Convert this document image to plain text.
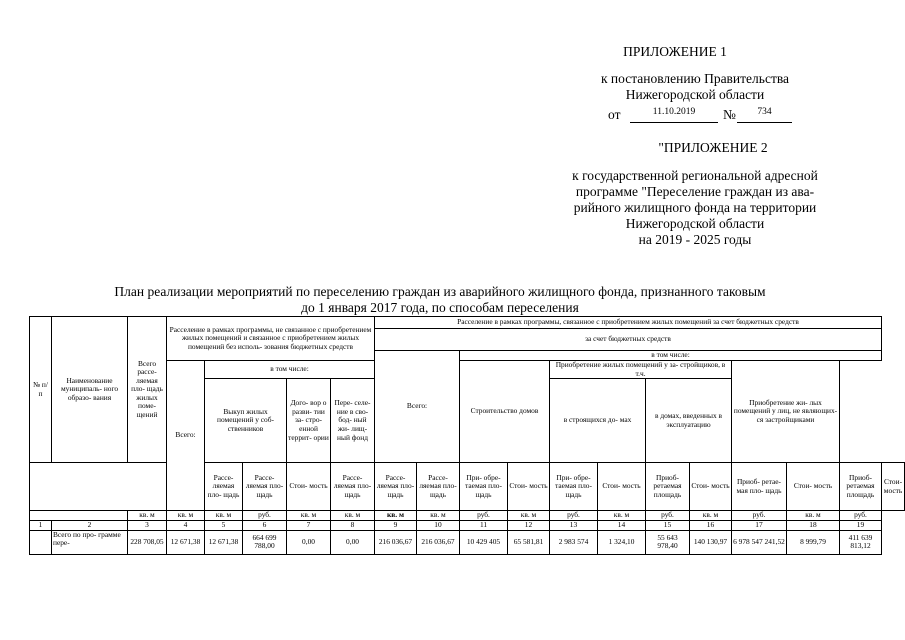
ПРИЛОЖЕНИЕ 1
к постановлению Правительства
Нижегородской области
от	11.10.2019	№	734
"ПРИЛОЖЕНИЕ 2
к государственной региональной адресной
программе "Переселение граждан из ава-
рийного жилищного фонда на территории
Нижегородской области
на 2019 - 2025 годы
План реализации мероприятий по переселению граждан из аварийного жилищного фонда, признанного таковым
до 1 января 2017 года, по способам переселения
№ п/ п	Наименование муниципаль- ного образо- вания	Всего рассе- ляемая пло- щадь жилых поме- щений	Расселение в рамках программы, не связанное с приобретением жилых помещений и связанное с приобретением жилых помещений без исполь- зования бюджетных средств					Расселение в рамках программы, связанное с приобретением жилых помещений за счет бюджетных средств											
								за счет бюджетных средств											
								Всего:		в том числе:									
			Всего:	в том числе:						Строительство домов		Приобретение жилых помещений у за- стройщиков, в т.ч.				Приобретение жи- лых помещений у лиц, не являющих- ся застройщиками			
				Выкуп жилых помещений у соб- ственников		Дого- вор о разви- тии за- стро- енной террит- ории	Пере- селе- ние в сво- бод- ный жи- лищ- ный фонд					в строящихся до- мах		в домах, введенных в эксплуатацию					
				Рассе- ляемая пло- щадь	Рассе- ляемая пло- щадь	Стои- мость	Рассе- ляемая пло- щадь	Рассе- ляемая пло- щадь	Рассе- ляемая пло- щадь	При- обре- таемая пло- щадь	Стои- мость	При- обре- таемая пло- щадь	Стои- мость	Приоб- ретаемая площадь	Стои- мость	Приоб- ретае- мая пло- щадь	Стои- мость	Приоб- ретаемая площадь	Стои- мость
		кв. м	кв. м	кв. м	руб.	кв. м	кв. м	кв. м	кв. м	руб.	кв. м	руб.	кв. м	руб.	кв. м	руб.	кв. м	руб.	
1	2	3	4	5	6	7	8	9	10	11	12	13	14	15	16	17	18	19	
	Всего по про- грамме пере-	228 708,05	12 671,38	12 671,38	664 699 788,00	0,00	0,00	216 036,67	216 036,67	10 429 405	65 581,81	2 983 574	1 324,10	55 643 978,40	140 130,97	6 978 547 241,52	8 999,79	411 639 813,12	
